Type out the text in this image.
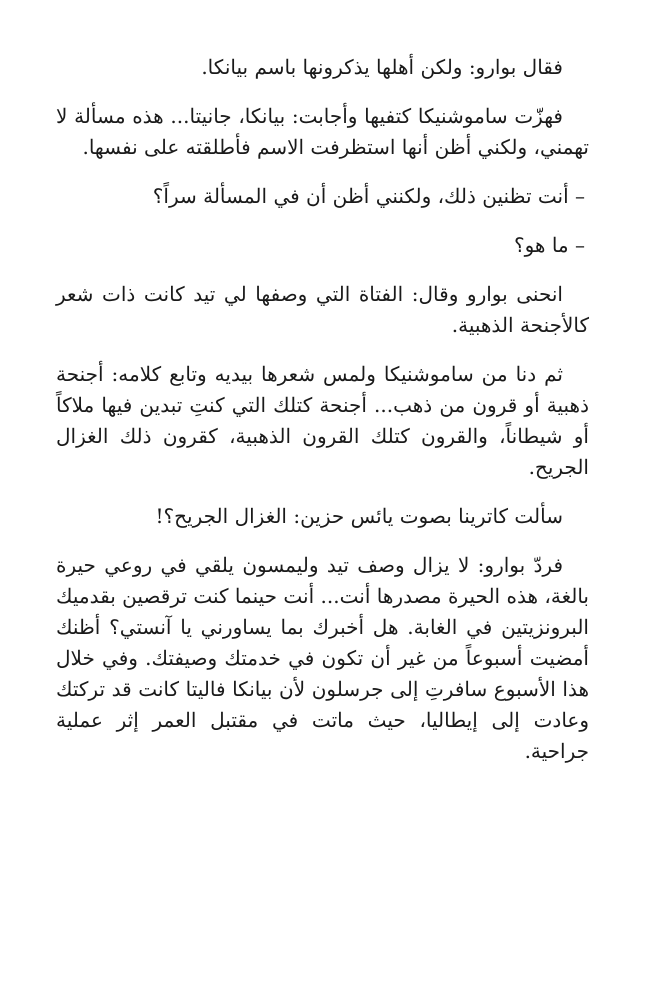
فقال بوارو: ولكن أهلها يذكرونها باسم بيانكا.

فهزّت ساموشنيكا كتفيها وأجابت: بيانكا، جانيتا... هذه مسألة لا تهمني، ولكني أظن أنها استظرفت الاسم فأطلقته على نفسها.

– أنت تظنين ذلك، ولكنني أظن أن في المسألة سراً؟

– ما هو؟

انحنى بوارو وقال: الفتاة التي وصفها لي تيد كانت ذات شعر كالأجنحة الذهبية.

ثم دنا من ساموشنيكا ولمس شعرها بيديه وتابع كلامه: أجنحة ذهبية أو قرون من ذهب... أجنحة كتلك التي كنتِ تبدين فيها ملاكاً أو شيطاناً، والقرون كتلك القرون الذهبية، كقرون ذلك الغزال الجريح.

سألت كاترينا بصوت يائس حزين: الغزال الجريح؟!

فردّ بوارو: لا يزال وصف تيد وليمسون يلقي في روعي حيرة بالغة، هذه الحيرة مصدرها أنت... أنت حينما كنت ترقصين بقدميك البرونزيتين في الغابة. هل أخبرك بما يساورني يا آنستي؟ أظنك أمضيت أسبوعاً من غير أن تكون في خدمتك وصيفتك. وفي خلال هذا الأسبوع سافرتِ إلى جرسلون لأن بيانكا فاليتا كانت قد تركتك وعادت إلى إيطاليا، حيث ماتت في مقتبل العمر إثر عملية جراحية.
